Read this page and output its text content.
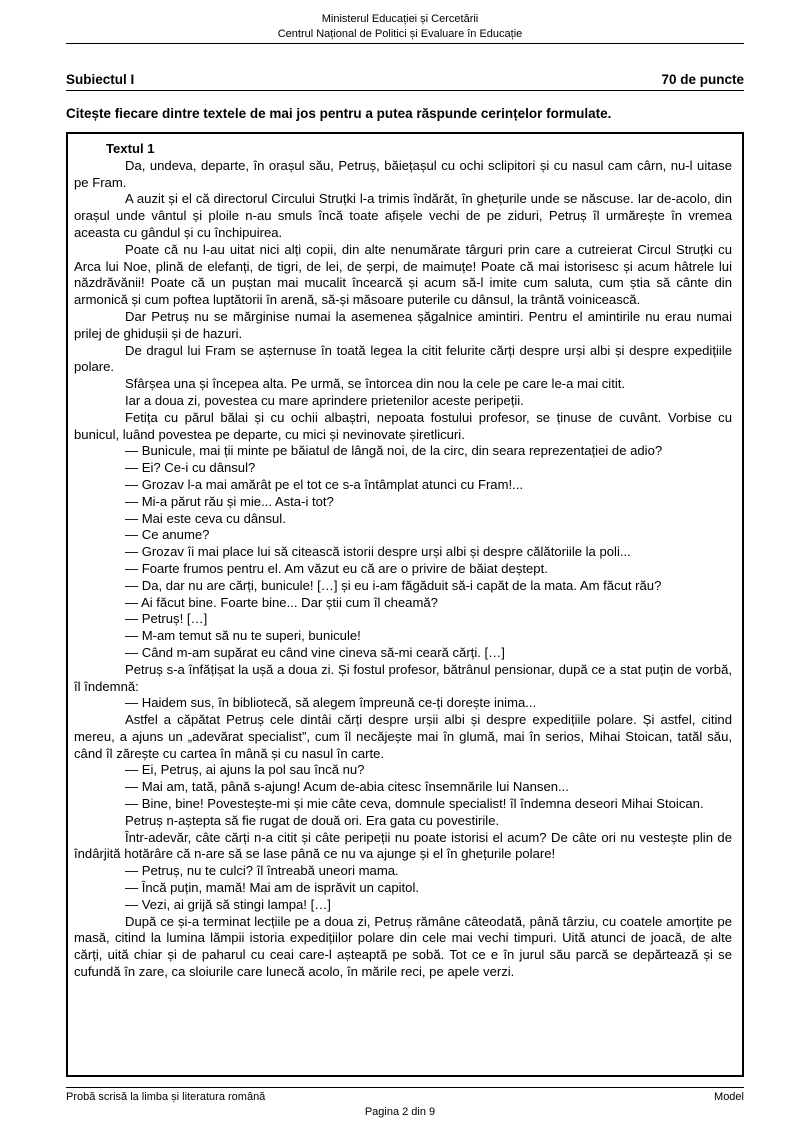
Ministerul Educației și Cercetării
Centrul Național de Politici și Evaluare în Educație
Subiectul I	70 de puncte
Citește fiecare dintre textele de mai jos pentru a putea răspunde cerințelor formulate.
Textul 1

Da, undeva, departe, în orașul său, Petruș, băiețașul cu ochi sclipitori și cu nasul cam cârn, nu-l uitase pe Fram.

A auzit și el că directorul Circului Struțki l-a trimis îndărăt, în ghețurile unde se născuse. Iar de-acolo, din orașul unde vântul și ploile n-au smuls încă toate afișele vechi de pe ziduri, Petruș îl urmărește în vremea aceasta cu gândul și cu închipuirea.

Poate că nu l-au uitat nici alți copii, din alte nenumărate târguri prin care a cutreierat Circul Struțki cu Arca lui Noe, plină de elefanți, de tigri, de lei, de șerpi, de maimuțe! Poate că mai istorisesc și acum hâtrele lui năzdrăvănii! Poate că un puștan mai mucalit încearcă și acum să-l imite cum saluta, cum știa să cânte din armonică și cum poftea luptătorii în arenă, să-și măsoare puterile cu dânsul, la trântă voinicească.

Dar Petruș nu se mărginise numai la asemenea șăgalnice amintiri. Pentru el amintirile nu erau numai prilej de ghidușii și de hazuri.

De dragul lui Fram se așternuse în toată legea la citit felurite cărți despre urși albi și despre expedițiile polare.

Sfârșea una și începea alta. Pe urmă, se întorcea din nou la cele pe care le-a mai citit.

Iar a doua zi, povestea cu mare aprindere prietenilor aceste peripeții.

Fetița cu părul bălai și cu ochii albaștri, nepoata fostului profesor, se ținuse de cuvânt. Vorbise cu bunicul, luând povestea pe departe, cu mici și nevinovate șiretlicuri.

— Bunicule, mai ții minte pe băiatul de lângă noi, de la circ, din seara reprezentației de adio?

— Ei? Ce-i cu dânsul?

— Grozav l-a mai amărât pe el tot ce s-a întâmplat atunci cu Fram!...

— Mi-a părut rău și mie... Asta-i tot?

— Mai este ceva cu dânsul.

— Ce anume?

— Grozav îi mai place lui să citească istorii despre urși albi și despre călătoriile la poli...

— Foarte frumos pentru el. Am văzut eu că are o privire de băiat deștept.

— Da, dar nu are cărți, bunicule! […] și eu i-am făgăduit să-i capăt de la mata. Am făcut rău?

— Ai făcut bine. Foarte bine... Dar știi cum îl cheamă?

— Petruș! […]

— M-am temut să nu te superi, bunicule!

— Când m-am supărat eu când vine cineva să-mi ceară cărți. […]

Petruș s-a înfățișat la ușă a doua zi. Și fostul profesor, bătrânul pensionar, după ce a stat puțin de vorbă, îl îndemnă:

— Haidem sus, în bibliotecă, să alegem împreună ce-ți dorește inima...

Astfel a căpătat Petruș cele dintâi cărți despre urșii albi și despre expedițiile polare. Și astfel, citind mereu, a ajuns un „adevărat specialist”, cum îl necăjește mai în glumă, mai în serios, Mihai Stoican, tatăl său, când îl zărește cu cartea în mână și cu nasul în carte.

— Ei, Petruș, ai ajuns la pol sau încă nu?

— Mai am, tată, până s-ajung! Acum de-abia citesc însemnările lui Nansen...

— Bine, bine! Povestește-mi și mie câte ceva, domnule specialist! îl îndemna deseori Mihai Stoican.

Petruș n-aștepta să fie rugat de două ori. Era gata cu povestirile.

Într-adevăr, câte cărți n-a citit și câte peripeții nu poate istorisi el acum? De câte ori nu vestește plin de îndârjită hotărâre că n-are să se lase până ce nu va ajunge și el în ghețurile polare!

— Petruș, nu te culci? îl întreabă uneori mama.

— Încă puțin, mamă! Mai am de isprăvit un capitol.

— Vezi, ai grijă să stingi lampa! […]

După ce și-a terminat lecțiile pe a doua zi, Petruș rămâne câteodată, până târziu, cu coatele amorțite pe masă, citind la lumina lămpii istoria expedițiilor polare din cele mai vechi timpuri. Uită atunci de joacă, de alte cărți, uită chiar și de paharul cu ceai care-l așteaptă pe sobă. Tot ce e în jurul său parcă se depărtează și se cufundă în zare, ca sloiurile care lunecă acolo, în mările reci, pe apele verzi.

Probă scrisă la limba și literatura română	Model
Pagina 2 din 9
